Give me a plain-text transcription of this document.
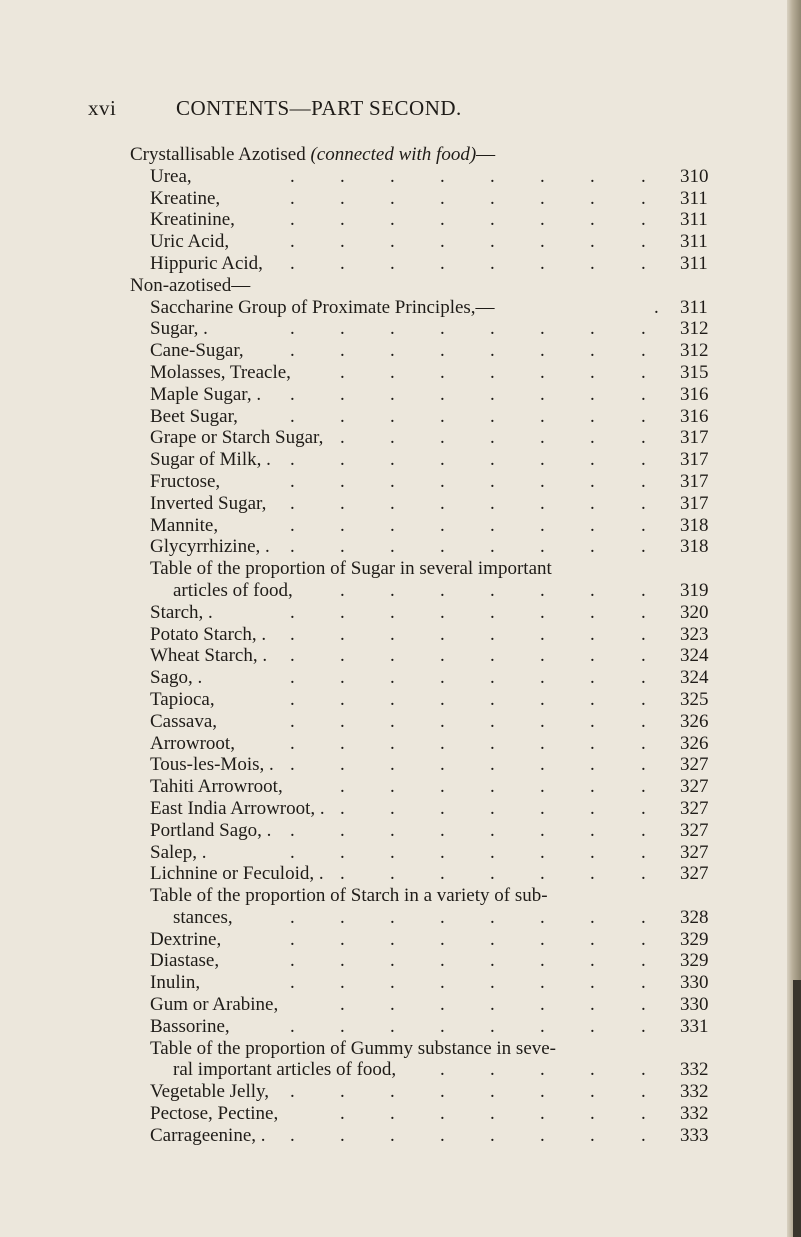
xvi	CONTENTS—PART SECOND.
Crystallisable Azotised (connected with food)—
Urea,	. . . . . . . . 310
Kreatine,	. . . . . . . . 311
Kreatinine,	. . . . . . . . 311
Uric Acid,	. . . . . . . . 311
Hippuric Acid, . . . . . . . . 311
Non-azotised—
Saccharine Group of Proximate Principles,—	. 311
Sugar, .	. . . . . . . . 312
Cane-Sugar, . . . . . . . . 312
Molasses, Treacle,	. . . . . . . 315
Maple Sugar, . . . . . . . . . 316
Beet Sugar,	. . . . . . . . 316
Grape or Starch Sugar, . . . . . . . 317
Sugar of Milk, . . . . . . . . . 317
Fructose,	. . . . . . . . 317
Inverted Sugar, . . . . . . . . 317
Mannite,	. . . . . . . . 318
Glycyrrhizine, . . . . . . . . . 318
Table of the proportion of Sugar in several important
articles of food, . . . . . . . 319
Starch, .	. . . . . . . . 320
Potato Starch, . . . . . . . . . 323
Wheat Starch, . . . . . . . . . 324
Sago, .	. . . . . . . . 324
Tapioca,	. . . . . . . . 325
Cassava,	. . . . . . . . 326
Arrowroot,	. . . . . . . . 326
Tous-les-Mois, . . . . . . . . . 327
Tahiti Arrowroot,	. . . . . . . 327
East India Arrowroot, . . . . . . . . 327
Portland Sago, . . . . . . . . . 327
Salep, .	. . . . . . . . 327
Lichnine or Feculoid, . . . . . . . . 327
Table of the proportion of Starch in a variety of sub-
stances,	. . . . . . . . 328
Dextrine,	. . . . . . . . 329
Diastase,	. . . . . . . . 329
Inulin,	. . . . . . . . 330
Gum or Arabine,	. . . . . . . 330
Bassorine,	. . . . . . . . 331
Table of the proportion of Gummy substance in seve-
ral important articles of food, . . . . . 332
Vegetable Jelly, . . . . . . . . 332
Pectose, Pectine,	. . . . . . . 332
Carrageenine, . . . . . . . . . 333
